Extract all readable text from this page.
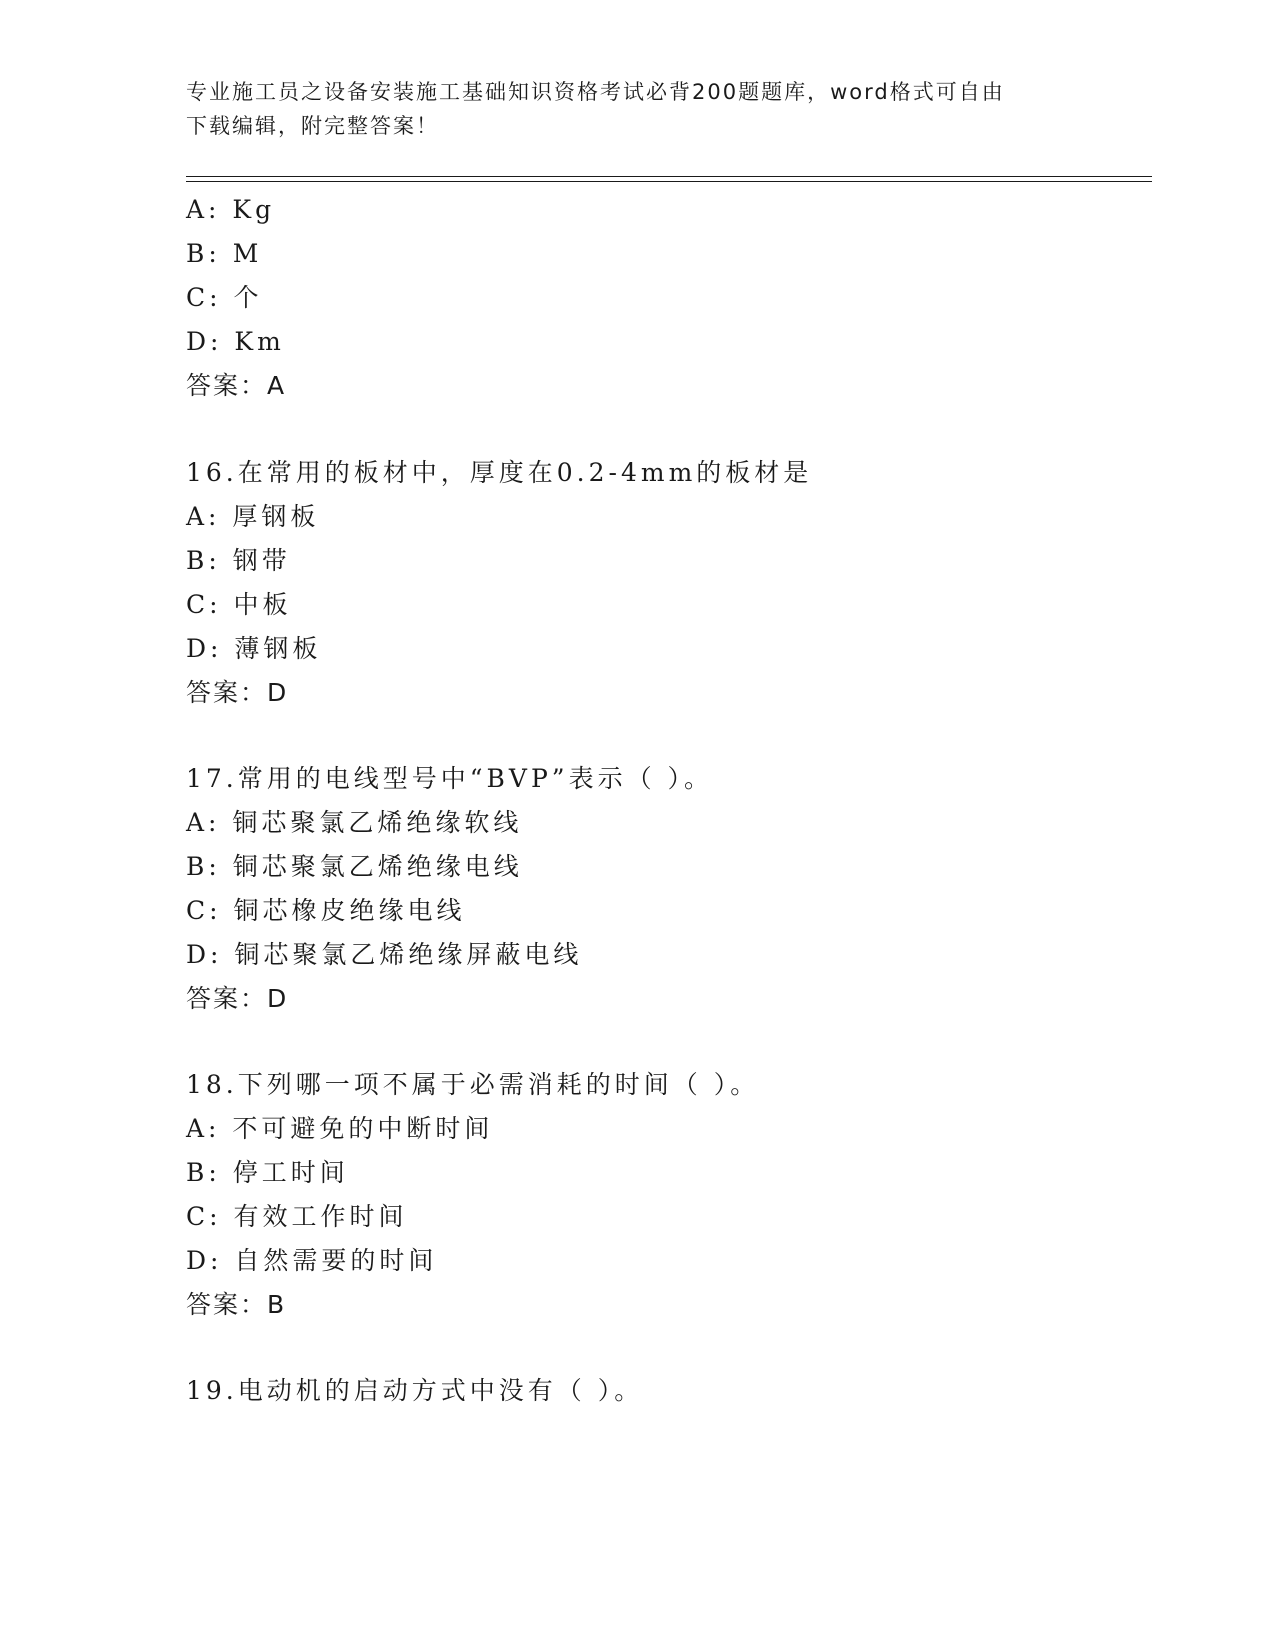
专业施工员之设备安装施工基础知识资格考试必背200题题库，word格式可自由
下载编辑，附完整答案！
A: Kg
B: M
C: 个
D: Km
答案：A
16.在常用的板材中，厚度在0.2-4mm的板材是
A: 厚钢板
B: 钢带
C: 中板
D: 薄钢板
答案：D
17.常用的电线型号中“BVP”表示（ ）。
A: 铜芯聚氯乙烯绝缘软线
B: 铜芯聚氯乙烯绝缘电线
C: 铜芯橡皮绝缘电线
D: 铜芯聚氯乙烯绝缘屏蔽电线
答案：D
18.下列哪一项不属于必需消耗的时间（ ）。
A: 不可避免的中断时间
B: 停工时间
C: 有效工作时间
D: 自然需要的时间
答案：B
19.电动机的启动方式中没有（ ）。
